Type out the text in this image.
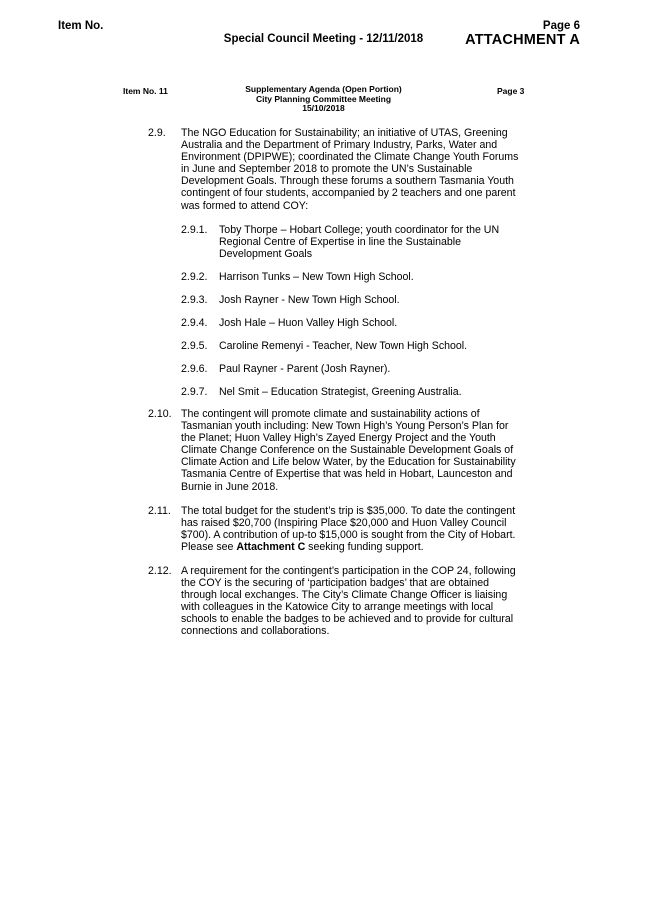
Item No.
Special Council Meeting - 12/11/2018
Page 6
ATTACHMENT A
Item No. 11	Supplementary Agenda (Open Portion)
City Planning Committee Meeting
15/10/2018
Page 3
2.9. The NGO Education for Sustainability; an initiative of UTAS, Greening
Australia and the Department of Primary Industry, Parks, Water and
Environment (DPIPWE); coordinated the Climate Change Youth Forums
in June and September 2018 to promote the UN’s Sustainable
Development Goals. Through these forums a southern Tasmania Youth
contingent of four students, accompanied by 2 teachers and one parent
was formed to attend COY:
2.9.1. Toby Thorpe – Hobart College; youth coordinator for the UN
Regional Centre of Expertise in line the Sustainable
Development Goals
2.9.2. Harrison Tunks – New Town High School.
2.9.3. Josh Rayner - New Town High School.
2.9.4. Josh Hale – Huon Valley High School.
2.9.5. Caroline Remenyi - Teacher, New Town High School.
2.9.6. Paul Rayner - Parent (Josh Rayner).
2.9.7. Nel Smit – Education Strategist, Greening Australia.
2.10. The contingent will promote climate and sustainability actions of
Tasmanian youth including: New Town High’s Young Person’s Plan for
the Planet; Huon Valley High’s Zayed Energy Project and the Youth
Climate Change Conference on the Sustainable Development Goals of
Climate Action and Life below Water, by the Education for Sustainability
Tasmania Centre of Expertise that was held in Hobart, Launceston and
Burnie in June 2018.
2.11. The total budget for the student’s trip is $35,000. To date the contingent
has raised $20,700 (Inspiring Place $20,000 and Huon Valley Council
$700). A contribution of up-to $15,000 is sought from the City of Hobart.
Please see Attachment C seeking funding support.
2.12. A requirement for the contingent’s participation in the COP 24, following
the COY is the securing of ‘participation badges’ that are obtained
through local exchanges. The City’s Climate Change Officer is liaising
with colleagues in the Katowice City to arrange meetings with local
schools to enable the badges to be achieved and to provide for cultural
connections and collaborations.
